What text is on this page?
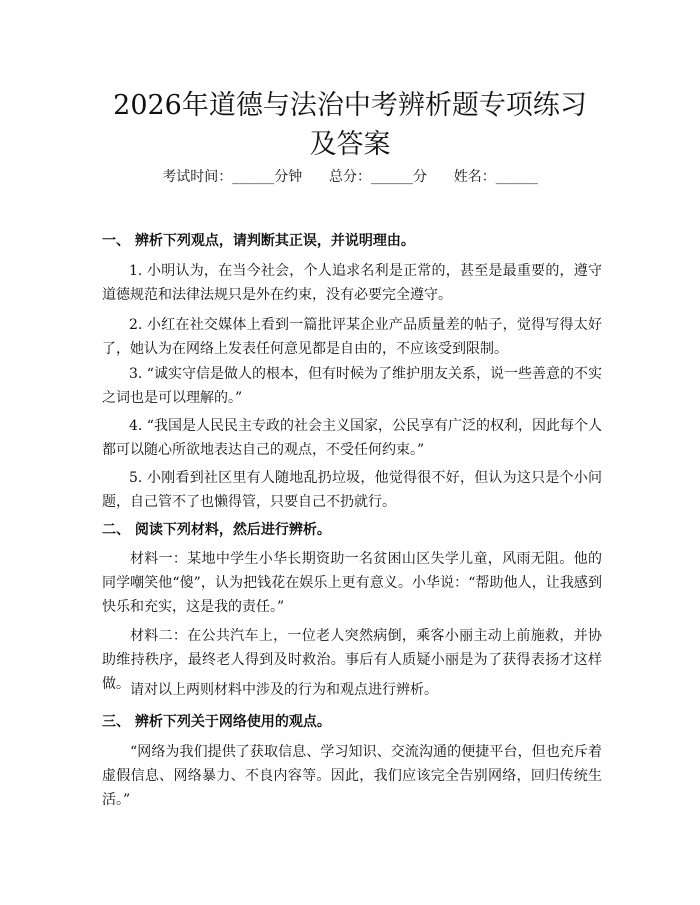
2026年道德与法治中考辨析题专项练习及答案
考试时间：______分钟      总分：______分      姓名：______
一、 辨析下列观点，请判断其正误，并说明理由。

1. 小明认为，在当今社会，个人追求名利是正常的，甚至是最重要的，遵守道德规范和法律法规只是外在约束，没有必要完全遵守。

2. 小红在社交媒体上看到一篇批评某企业产品质量差的帖子，觉得写得太好了，她认为在网络上发表任何意见都是自由的，不应该受到限制。

3. “诚实守信是做人的根本，但有时候为了维护朋友关系，说一些善意的不实之词也是可以理解的。”

4. “我国是人民民主专政的社会主义国家，公民享有广泛的权利，因此每个人都可以随心所欲地表达自己的观点，不受任何约束。”

5. 小刚看到社区里有人随地乱扔垃圾，他觉得很不好，但认为这只是个小问题，自己管不了也懒得管，只要自己不扔就行。

二、 阅读下列材料，然后进行辨析。

材料一：某地中学生小华长期资助一名贫困山区失学儿童，风雨无阻。他的同学嘲笑他“傻”，认为把钱花在娱乐上更有意义。小华说：“帮助他人，让我感到快乐和充实，这是我的责任。”

材料二：在公共汽车上，一位老人突然病倒，乘客小丽主动上前施救，并协助维持秩序，最终老人得到及时救治。事后有人质疑小丽是为了获得表扬才这样做。 请对以上两则材料中涉及的行为和观点进行辨析。

三、 辨析下列关于网络使用的观点。

“网络为我们提供了获取信息、学习知识、交流沟通的便捷平台，但也充斥着虚假信息、网络暴力、不良内容等。因此，我们应该完全告别网络，回归传统生活。”
